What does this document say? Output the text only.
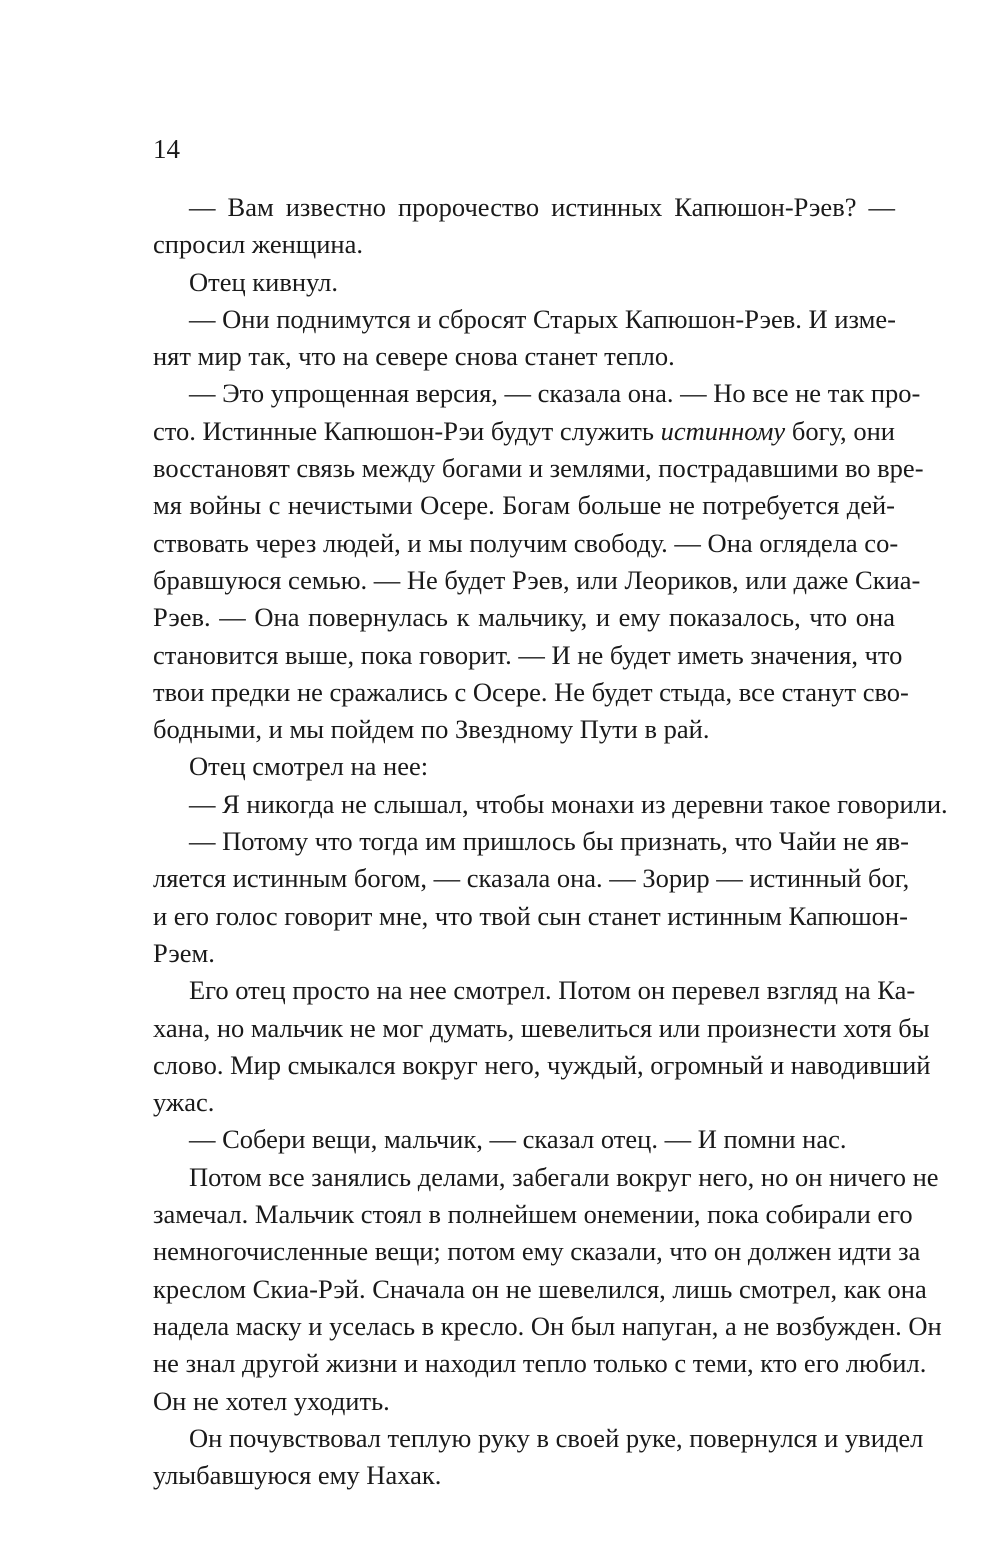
14
— Вам известно пророчество истинных Капюшон-Рэев? —
спросил женщина.
Отец кивнул.
— Они поднимутся и сбросят Старых Капюшон-Рэев. И изме-
нят мир так, что на севере снова станет тепло.
— Это упрощенная версия, — сказала она. — Но все не так про-
сто. Истинные Капюшон-Рэи будут служить истинному богу, они
восстановят связь между богами и землями, пострадавшими во вре-
мя войны с нечистыми Осере. Богам больше не потребуется дей-
ствовать через людей, и мы получим свободу. — Она оглядела со-
бравшуюся семью. — Не будет Рэев, или Леориков, или даже Скиа-
Рэев. — Она повернулась к мальчику, и ему показалось, что она
становится выше, пока говорит. — И не будет иметь значения, что
твои предки не сражались с Осере. Не будет стыда, все станут сво-
бодными, и мы пойдем по Звездному Пути в рай.
Отец смотрел на нее:
— Я никогда не слышал, чтобы монахи из деревни такое говорили.
— Потому что тогда им пришлось бы признать, что Чайи не яв-
ляется истинным богом, — сказала она. — Зорир — истинный бог,
и его голос говорит мне, что твой сын станет истинным Капюшон-
Рэем.
Его отец просто на нее смотрел. Потом он перевел взгляд на Ка-
хана, но мальчик не мог думать, шевелиться или произнести хотя бы
слово. Мир смыкался вокруг него, чуждый, огромный и наводивший
ужас.
— Собери вещи, мальчик, — сказал отец. — И помни нас.
Потом все занялись делами, забегали вокруг него, но он ничего не
замечал. Мальчик стоял в полнейшем онемении, пока собирали его
немногочисленные вещи; потом ему сказали, что он должен идти за
креслом Скиа-Рэй. Сначала он не шевелился, лишь смотрел, как она
надела маску и уселась в кресло. Он был напуган, а не возбужден. Он
не знал другой жизни и находил тепло только с теми, кто его любил.
Он не хотел уходить.
Он почувствовал теплую руку в своей руке, повернулся и увидел
улыбавшуюся ему Нахак.
